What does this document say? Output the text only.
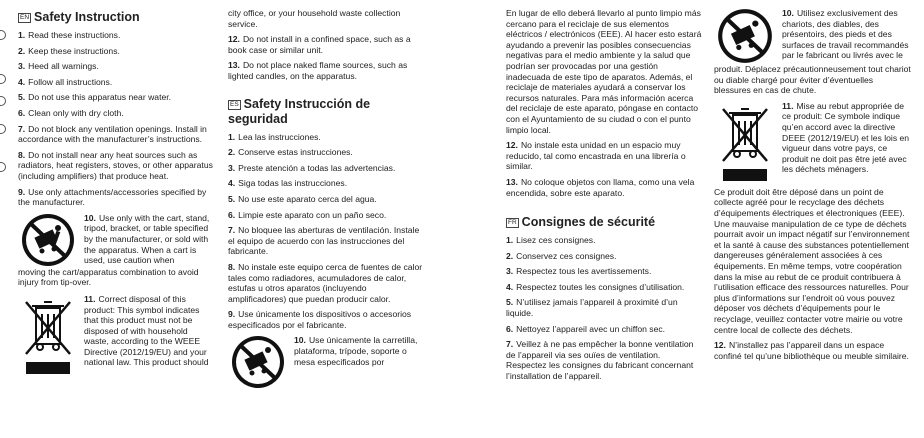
EN Safety Instruction
1. Read these instructions.
2. Keep these instructions.
3. Heed all warnings.
4. Follow all instructions.
5. Do not use this apparatus near water.
6. Clean only with dry cloth.
7. Do not block any ventilation openings. Install in accordance with the manufacturer’s instructions.
8. Do not install near any heat sources such as radiators, heat registers, stoves, or other apparatus (including amplifiers) that produce heat.
9. Use only attachments/accessories specified by the manufacturer.
10. Use only with the cart, stand, tripod, bracket, or table specified by the manufacturer, or sold with the apparatus. When a cart is used, use caution when
moving the cart/apparatus combination to avoid injury from tip-over.
11. Correct disposal of this product: This symbol indicates that this product must not be disposed of with household waste, according to the WEEE Directive (2012/19/EU) and your national law. This product should
city office, or your household waste collection service.
12. Do not install in a confined space, such as a book case or similar unit.
13. Do not place naked flame sources, such as lighted candles, on the apparatus.
ES Safety Instrucción de seguridad
1. Lea las instrucciones.
2. Conserve estas instrucciones.
3. Preste atención a todas las advertencias.
4. Siga todas las instrucciones.
5. No use este aparato cerca del agua.
6. Limpie este aparato con un paño seco.
7. No bloquee las aberturas de ventilación. Instale el equipo de acuerdo con las instrucciones del fabricante.
8. No instale este equipo cerca de fuentes de calor tales como radiadores, acumuladores de calor, estufas u otros aparatos (incluyendo amplificadores) que puedan producir calor.
9. Use únicamente los dispositivos o accesorios especificados por el fabricante.
10. Use únicamente la carretilla, plataforma, trípode, soporte o mesa especificados por
En lugar de ello deberá llevarlo al punto limpio más cercano para el reciclaje de sus elementos eléctricos / electrónicos (EEE). Al hacer esto estará ayudando a prevenir las posibles consecuencias negativas para el medio ambiente y la salud que podrían ser provocadas por una gestión inadecuada de este tipo de aparatos. Además, el reciclaje de materiales ayudará a conservar los recursos naturales. Para más información acerca del reciclaje de este aparato, póngase en contacto con el Ayuntamiento de su ciudad o con el punto limpio local.
12. No instale esta unidad en un espacio muy reducido, tal como encastrada en una librería o similar.
13. No coloque objetos con llama, como una vela encendida, sobre este aparato.
FR Consignes de sécurité
1. Lisez ces consignes.
2. Conservez ces consignes.
3. Respectez tous les avertissements.
4. Respectez toutes les consignes d’utilisation.
5. N’utilisez jamais l’appareil à proximité d’un liquide.
6. Nettoyez l’appareil avec un chiffon sec.
7. Veillez à ne pas empêcher la bonne ventilation de l’appareil via ses ouïes de ventilation. Respectez les consignes du fabricant concernant l’installation de l’appareil.
10. Utilisez exclusivement des chariots, des diables, des présentoirs, des pieds et des surfaces de travail recommandés par le fabricant ou livrés avec le
produit. Déplacez précautionneusement tout chariot ou diable chargé pour éviter d’éventuelles blessures en cas de chute.
11. Mise au rebut appropriée de ce produit: Ce symbole indique qu’en accord avec la directive DEEE (2012/19/EU) et les lois en vigueur dans votre pays, ce produit ne doit pas être jeté avec les déchets ménagers.
Ce produit doit être déposé dans un point de collecte agréé pour le recyclage des déchets d’équipements électriques et électroniques (EEE). Une mauvaise manipulation de ce type de déchets pourrait avoir un impact négatif sur l’environnement et la santé à cause des substances potentiellement dangereuses généralement associées à ces équipements. En même temps, votre coopération dans la mise au rebut de ce produit contribuera à l’utilisation efficace des ressources naturelles. Pour plus d’informations sur l’endroit où vous pouvez déposer vos déchets d’équipements pour le recyclage, veuillez contacter votre mairie ou votre centre local de collecte des déchets.
12. N’installez pas l’appareil dans un espace confiné tel qu’une bibliothèque ou meuble similaire.
